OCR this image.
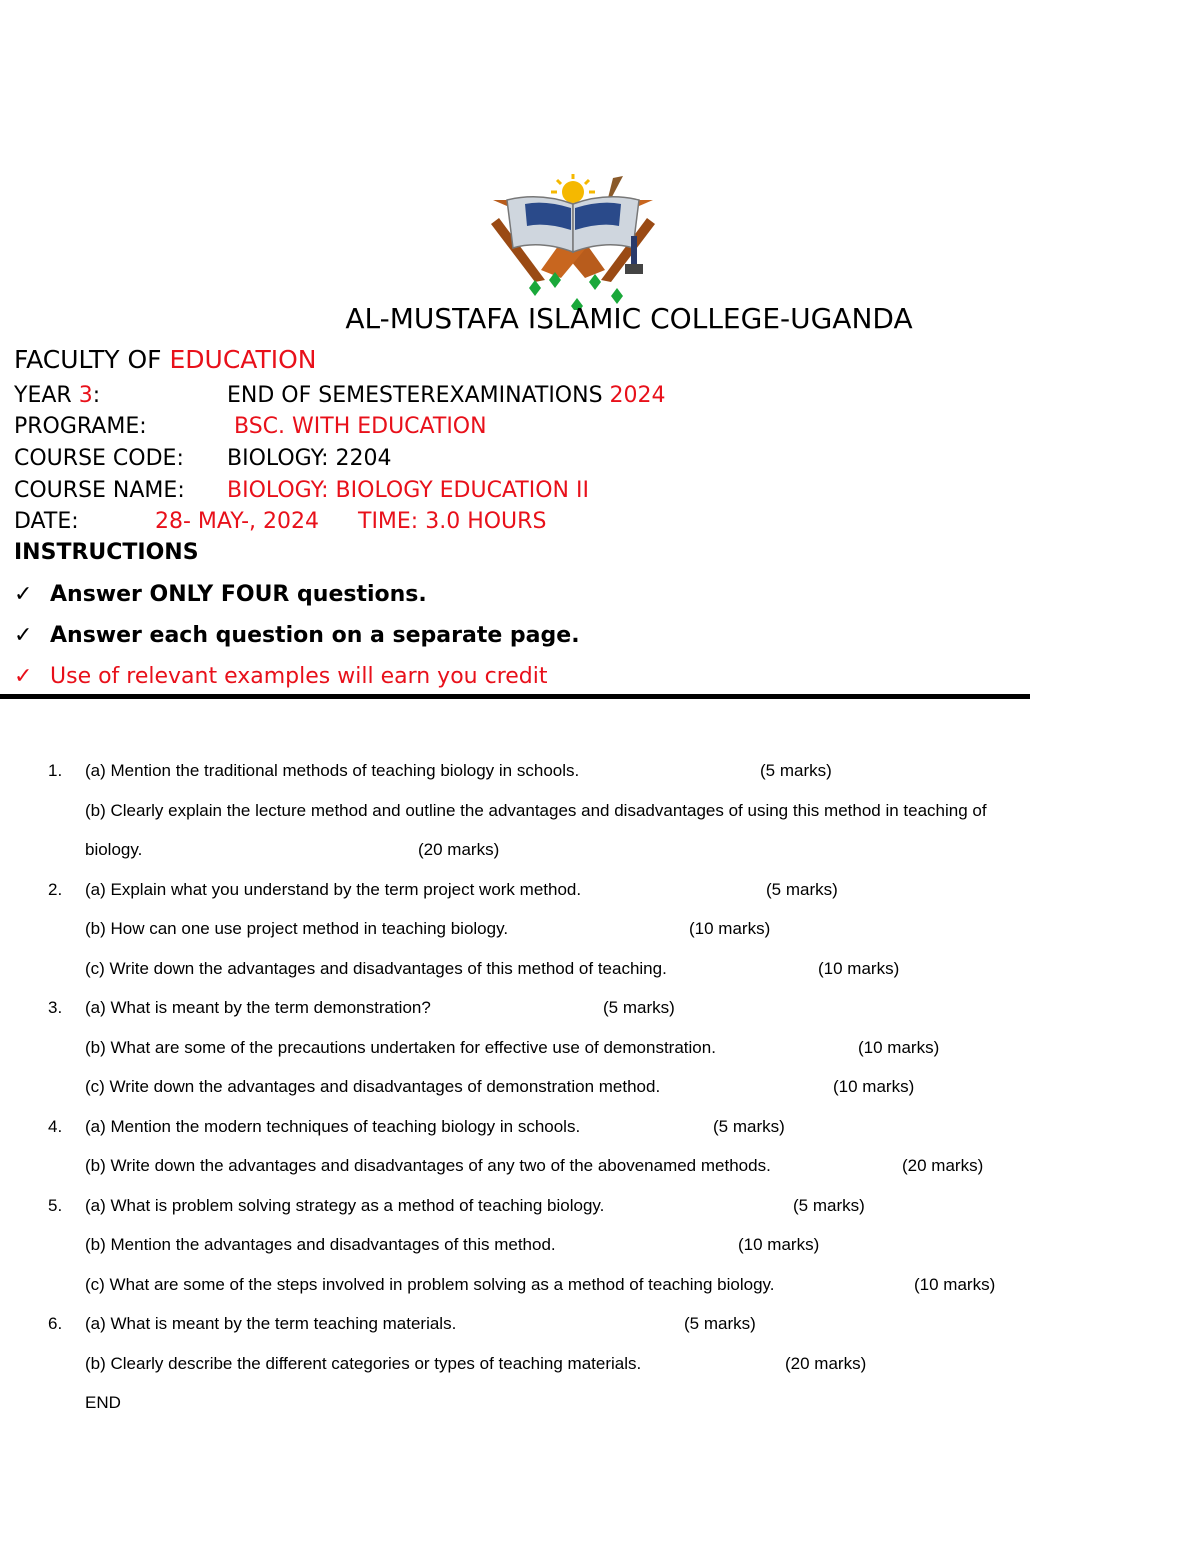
AL-MUSTAFA ISLAMIC COLLEGE-UGANDA
FACULTY OF EDUCATION
YEAR 3:	END OF SEMESTEREXAMINATIONS 2024
PROGRAME:	BSC. WITH EDUCATION
COURSE CODE: BIOLOGY: 2204
COURSE NAME: BIOLOGY: BIOLOGY EDUCATION II
DATE:	28- MAY-, 2024 TIME: 3.0 HOURS
INSTRUCTIONS
✓ Answer ONLY FOUR questions.
✓ Answer each question on a separate page.
✓ Use of relevant examples will earn you credit
1. (a) Mention the traditional methods of teaching biology in schools.	(5 marks)
(b) Clearly explain the lecture method and outline the advantages and disadvantages of using this method in teaching of
biology.	(20 marks)
2. (a) Explain what you understand by the term project work method.	(5 marks)
(b) How can one use project method in teaching biology.	(10 marks)
(c) Write down the advantages and disadvantages of this method of teaching.	(10 marks)
3. (a) What is meant by the term demonstration?	(5 marks)
(b) What are some of the precautions undertaken for effective use of demonstration.	(10 marks)
(c) Write down the advantages and disadvantages of demonstration method.	(10 marks)
4. (a) Mention the modern techniques of teaching biology in schools.	(5 marks)
(b) Write down the advantages and disadvantages of any two of the abovenamed methods.	(20 marks)
5. (a) What is problem solving strategy as a method of teaching biology.	(5 marks)
(b) Mention the advantages and disadvantages of this method.	(10 marks)
(c) What are some of the steps involved in problem solving as a method of teaching biology.	(10 marks)
6. (a) What is meant by the term teaching materials.	(5 marks)
(b) Clearly describe the different categories or types of teaching materials.	(20 marks)
END
